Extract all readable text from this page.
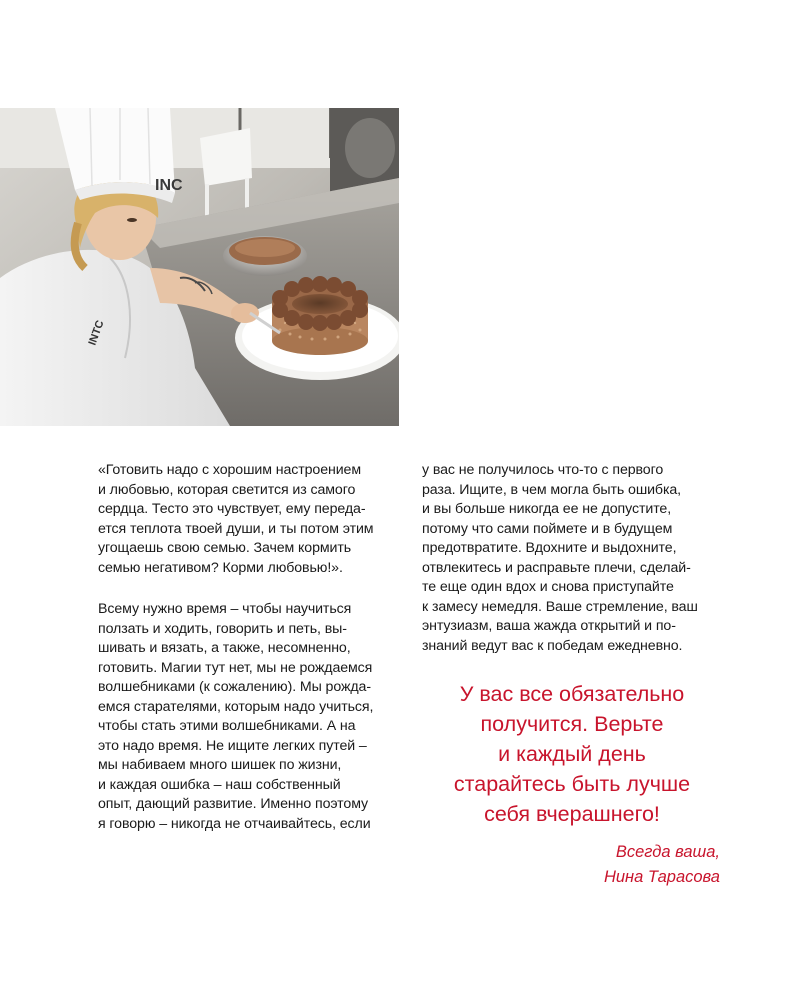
INTC
INC

«Готовить надо с хорошим настроением

и любовью, которая светится из самого

сердца. Тесто это чувствует, ему переда-

ется теплота твоей души, и ты потом этим

угощаешь свою семью. Зачем кормить

семью негативом? Корми любовью!».

Всему нужно время – чтобы научиться

ползать и ходить, говорить и петь, вы-

шивать и вязать, а также, несомненно,

готовить. Магии тут нет, мы не рождаемся

волшебниками (к сожалению). Мы рожда-

емся старателями, которым надо учиться,

чтобы стать этими волшебниками. А на

это надо время. Не ищите легких путей –

мы набиваем много шишек по жизни,

и каждая ошибка – наш собственный

опыт, дающий развитие. Именно поэтому

я говорю – никогда не отчаивайтесь, если

у вас не получилось что-то с первого

раза. Ищите, в чем могла быть ошибка,

и вы больше никогда ее не допустите,

потому что сами поймете и в будущем

предотвратите. Вдохните и выдохните,

отвлекитесь и расправьте плечи, сделай-

те еще один вдох и снова приступайте

к замесу немедля. Ваше стремление, ваш

энтузиазм, ваша жажда открытий и по-

знаний ведут вас к победам ежедневно.

У вас все обязательно

получится. Верьте

и каждый день

старайтесь быть лучше

себя вчерашнего!

Всегда ваша,

Нина Тарасова
